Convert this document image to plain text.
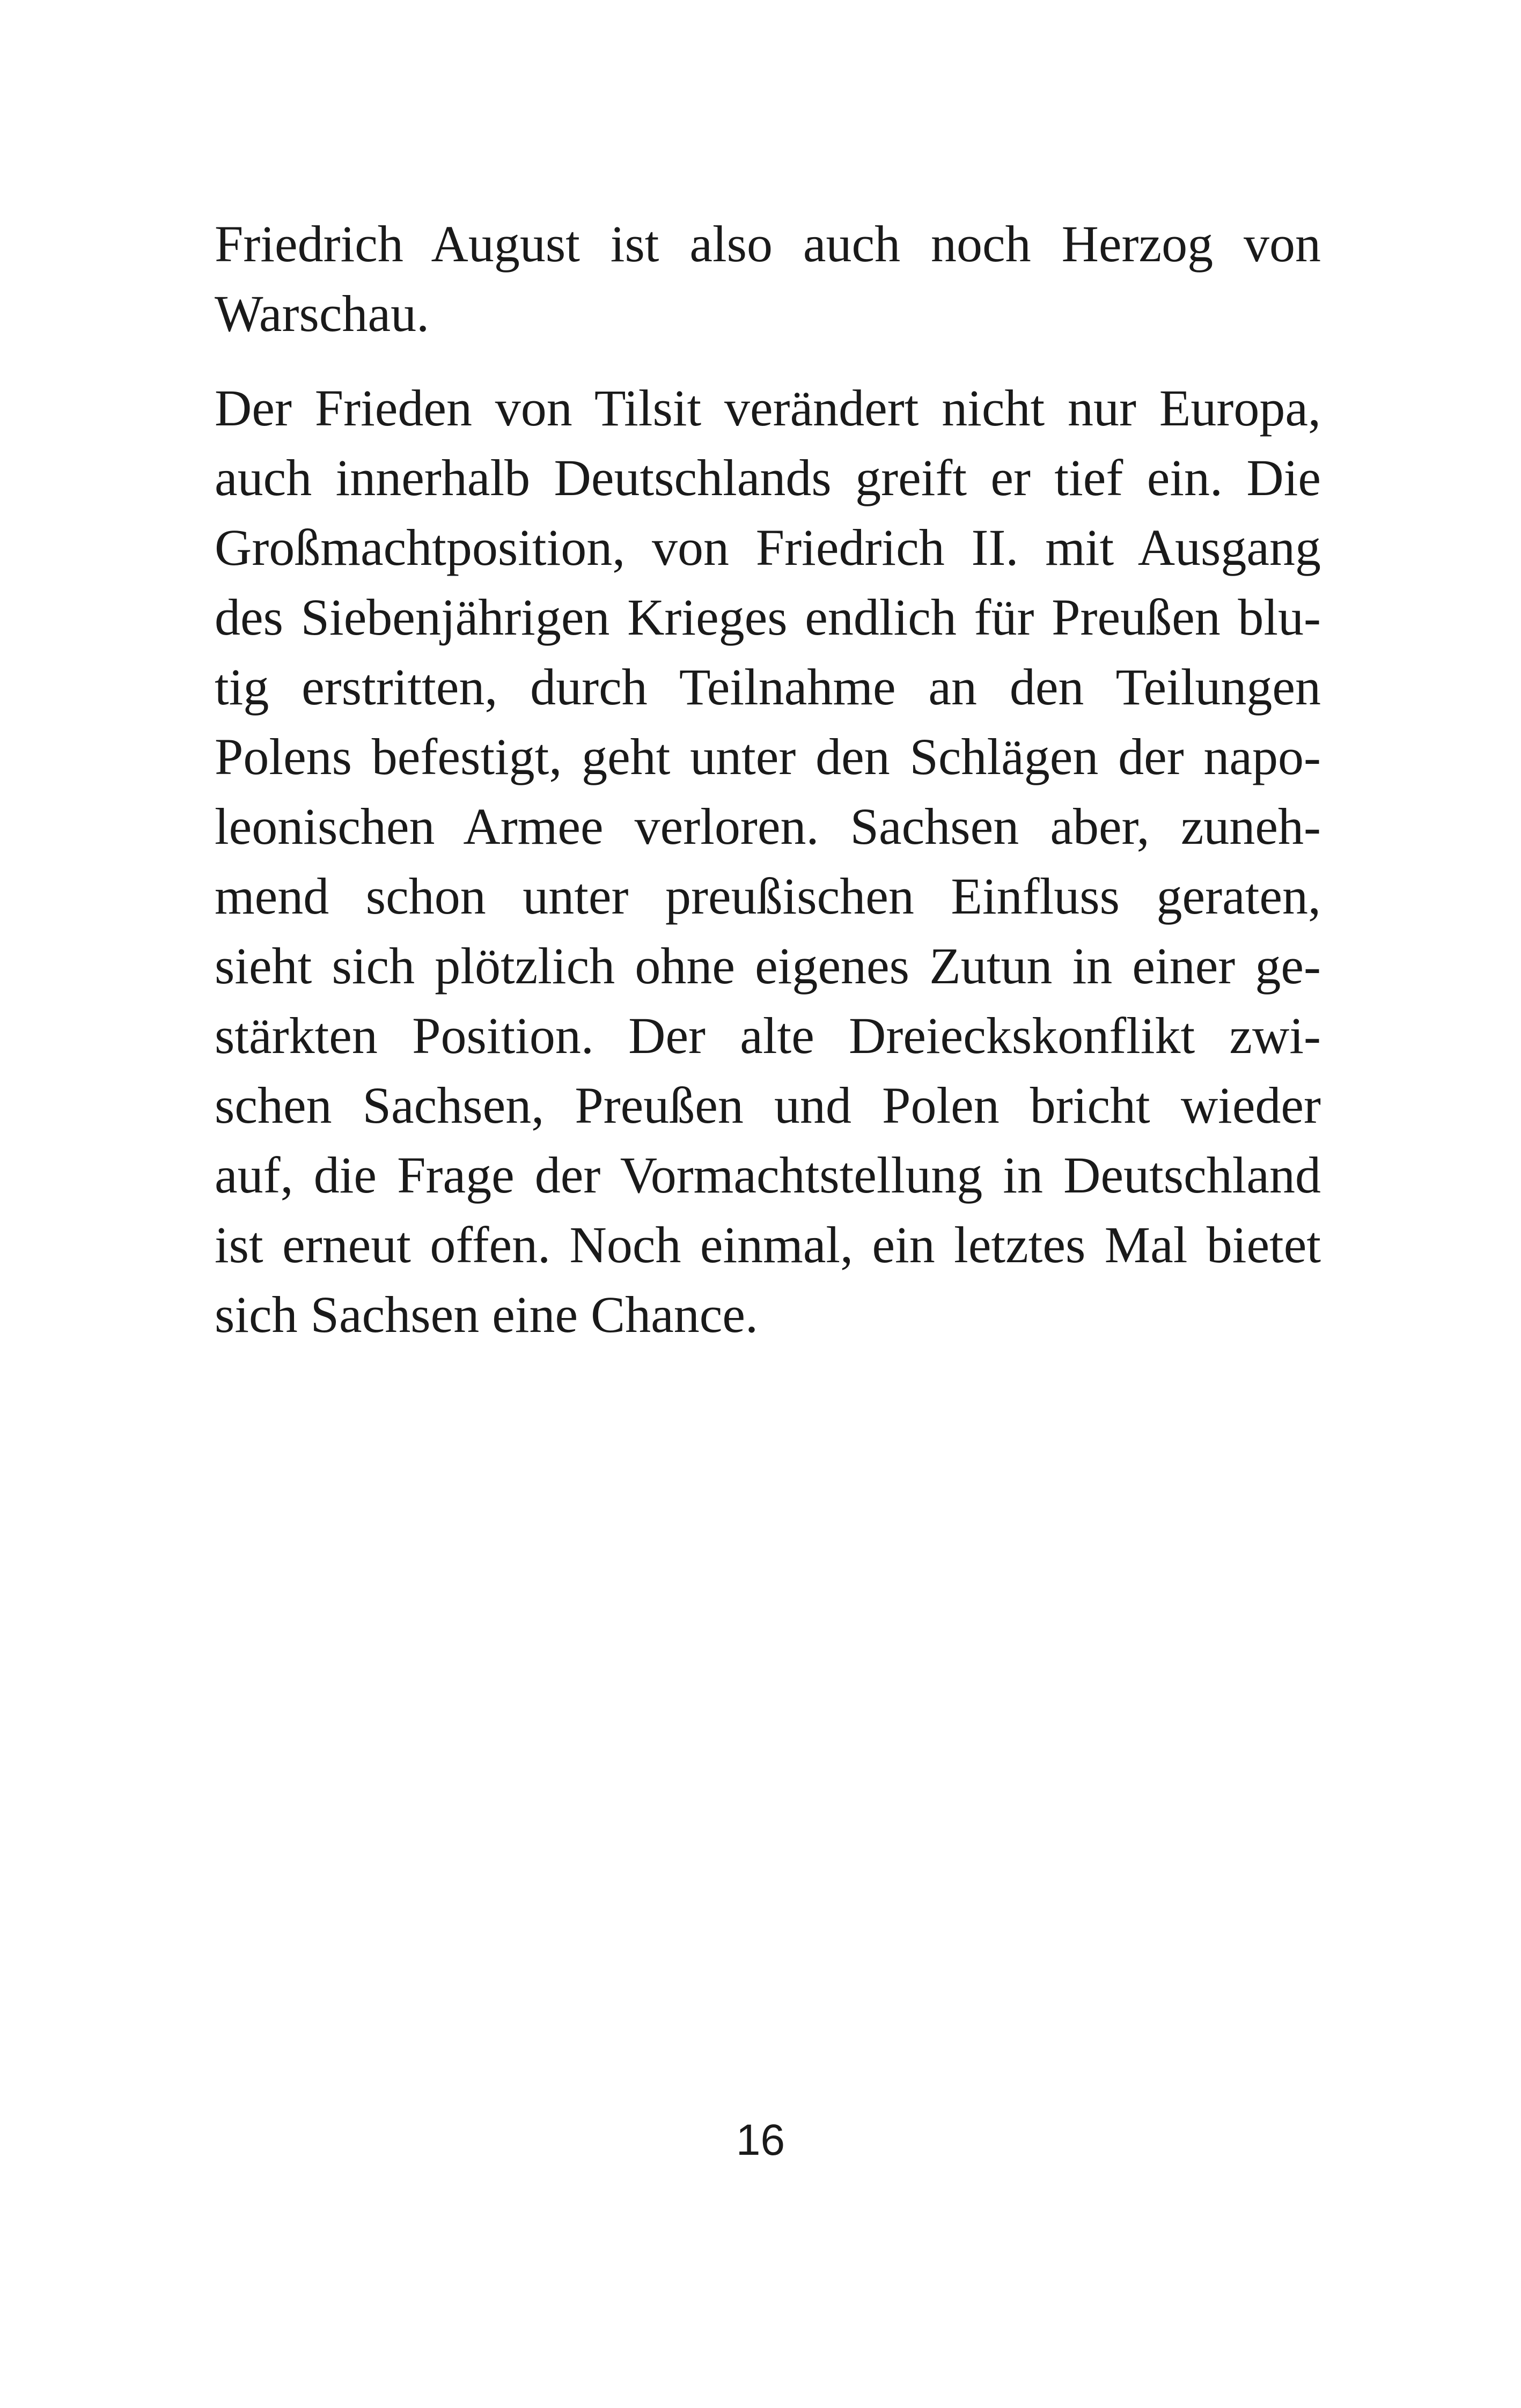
Friedrich August ist also auch noch Herzog von
Warschau.
Der Frieden von Tilsit verändert nicht nur Europa,
auch innerhalb Deutschlands greift er tief ein. Die
Großmachtposition, von Friedrich II. mit Ausgang
des Siebenjährigen Krieges endlich für Preußen blu-
tig erstritten, durch Teilnahme an den Teilungen
Polens befestigt, geht unter den Schlägen der napo-
leonischen Armee verloren. Sachsen aber, zuneh-
mend schon unter preußischen Einfluss geraten,
sieht sich plötzlich ohne eigenes Zutun in einer ge-
stärkten Position. Der alte Dreieckskonflikt zwi-
schen Sachsen, Preußen und Polen bricht wieder
auf, die Frage der Vormachtstellung in Deutschland
ist erneut offen. Noch einmal, ein letztes Mal bietet
sich Sachsen eine Chance.
16
